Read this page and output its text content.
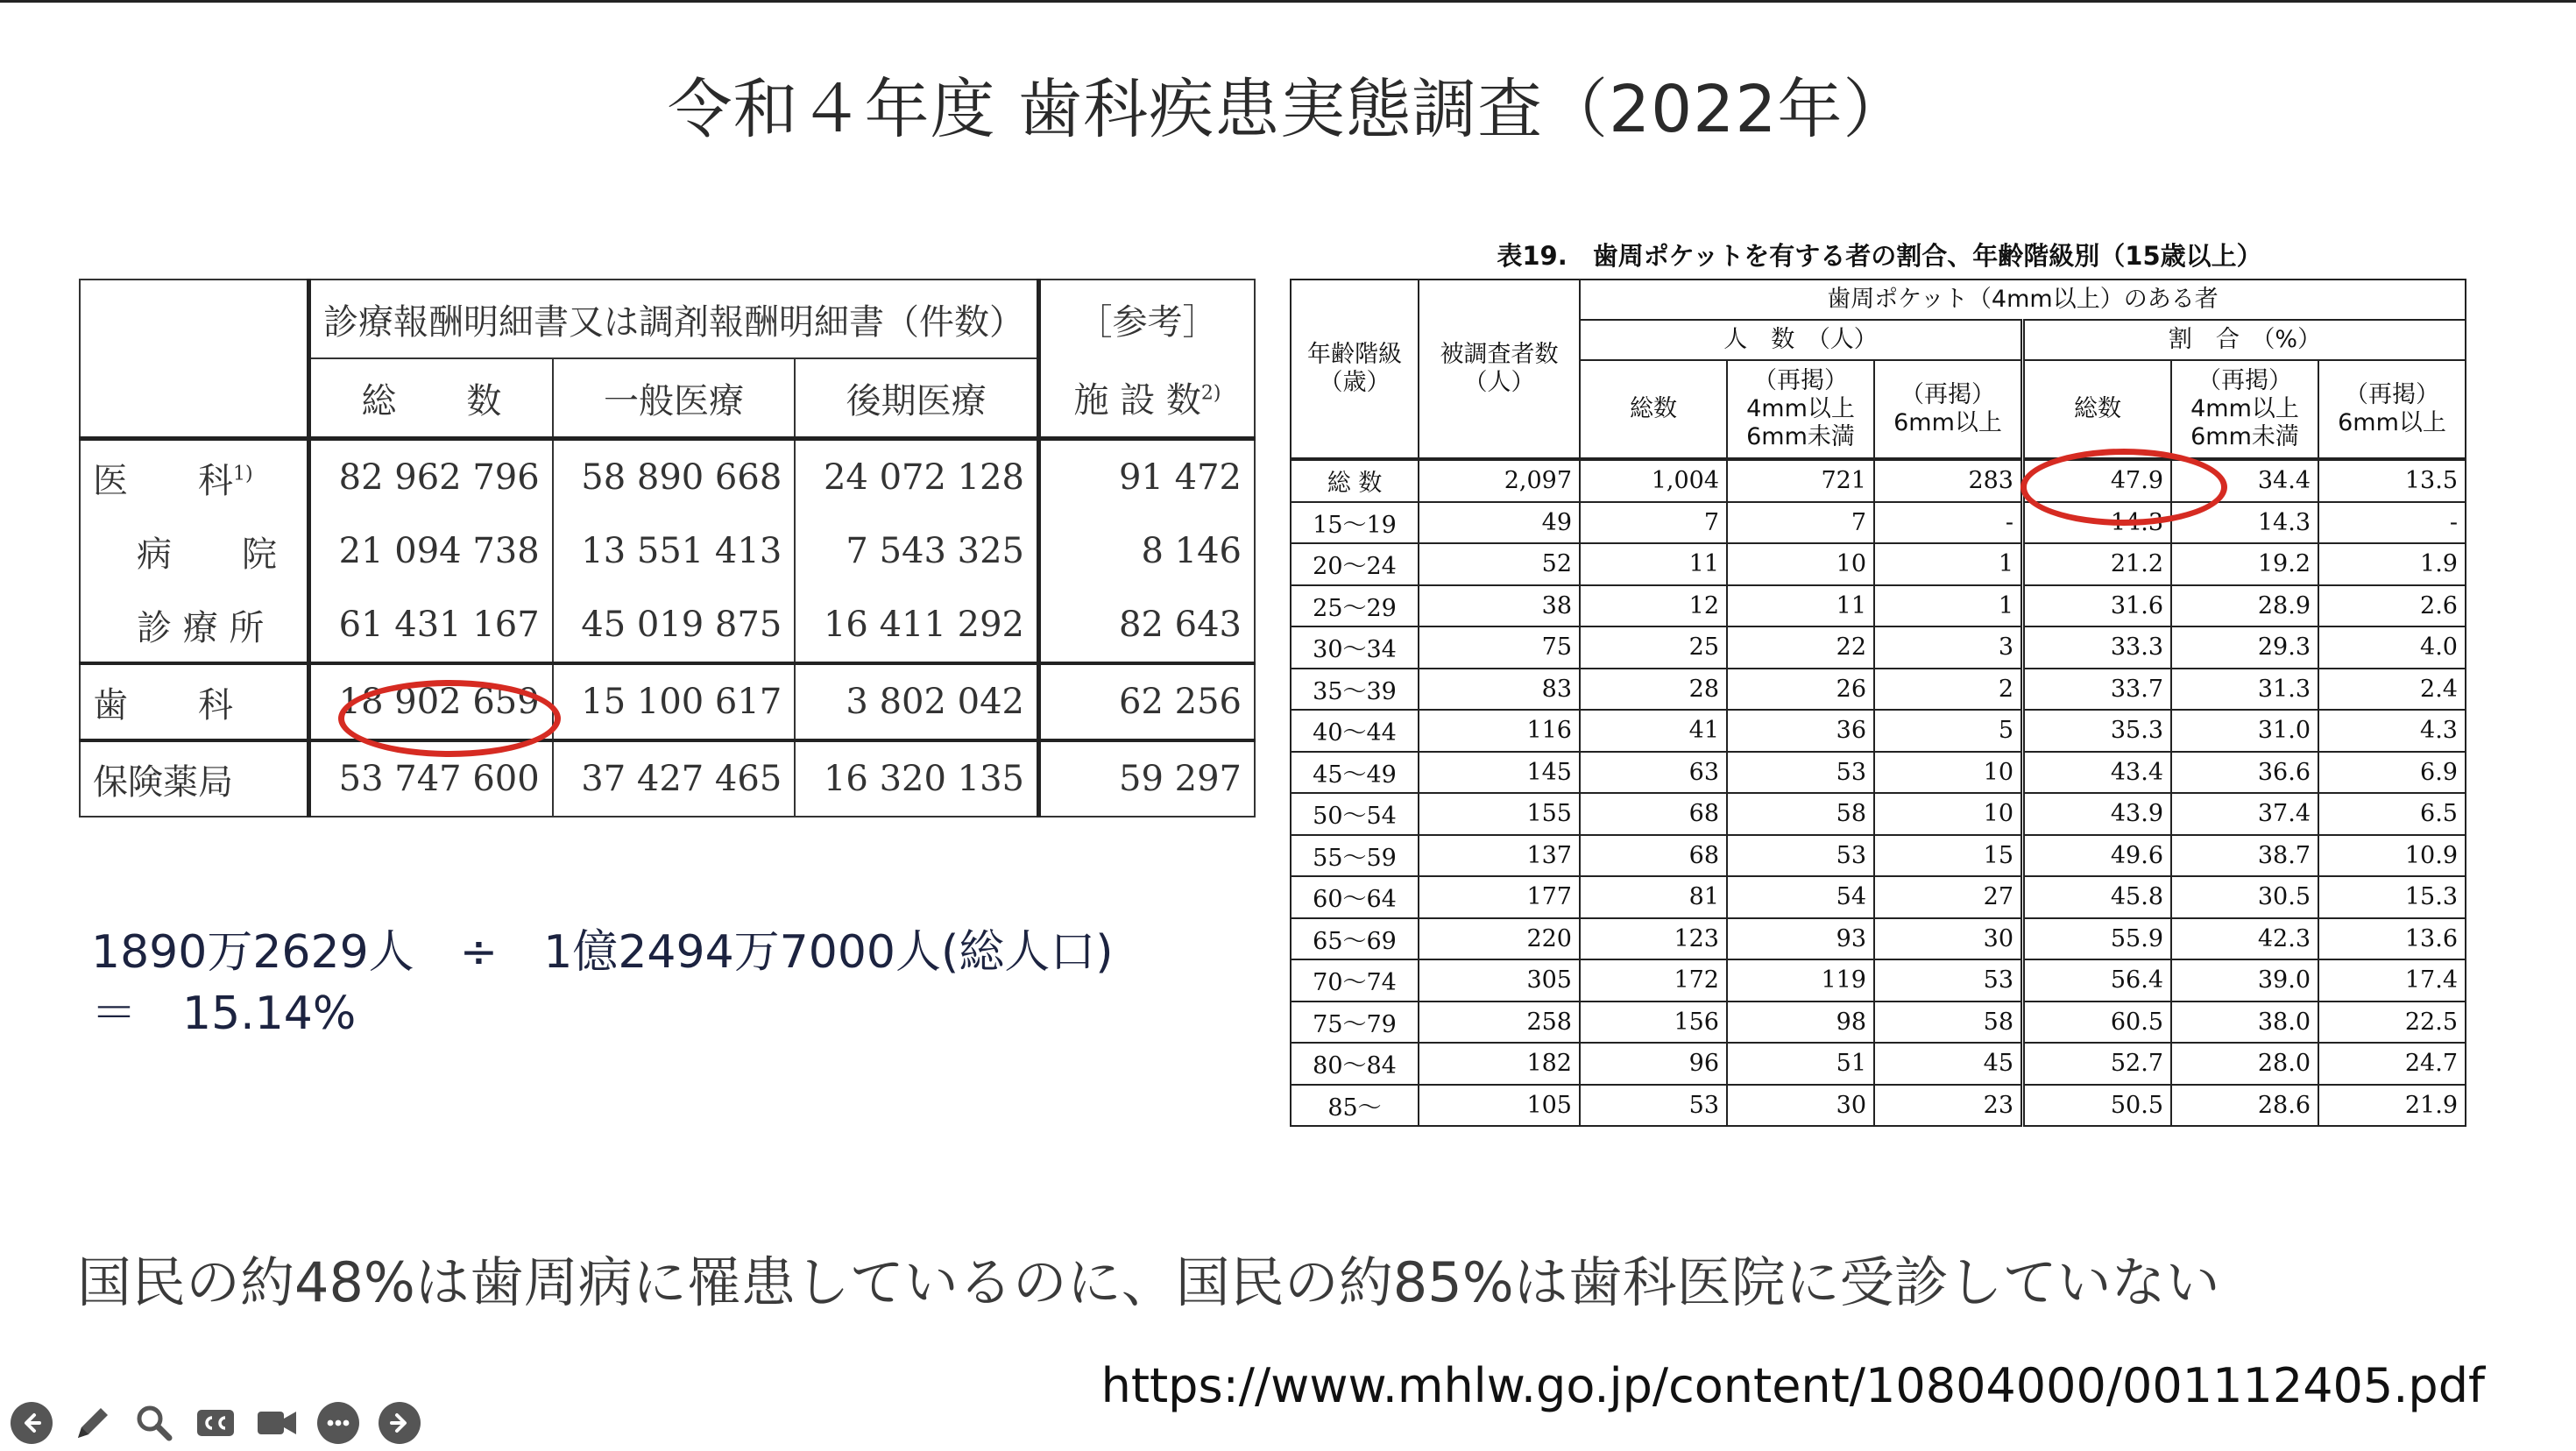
令和４年度 歯科疾患実態調査（2022年）
	診療報酬明細書又は調剤報酬明細書（件数）			［参考］
	総　　数	一般医療	後期医療	施 設 数$^{2)}$
医　　科$^{1)}$	82 962 796	58 890 668	24 072 128	91 472
病　　院	21 094 738	13 551 413	7 543 325	8 146
診 療 所	61 431 167	45 019 875	16 411 292	82 643
歯　　科	18 902 659	15 100 617	3 802 042	62 256
保険薬局	53 747 600	37 427 465	16 320 135	59 297
表19.　歯周ポケットを有する者の割合、年齢階級別（15歳以上）
年齢階級（歳）	被調査者数（人）	歯周ポケット（4mm以上）のある者					
		人　数　（人）			割　合　（%）		
		総数	（再掲）4mm以上6mm未満	（再掲）6mm以上	総数	（再掲）4mm以上6mm未満	（再掲）6mm以上
総 数	2,097	1,004	721	283	47.9	34.4	13.5
15～19	49	7	7	-	14.3	14.3	-
20～24	52	11	10	1	21.2	19.2	1.9
25～29	38	12	11	1	31.6	28.9	2.6
30～34	75	25	22	3	33.3	29.3	4.0
35～39	83	28	26	2	33.7	31.3	2.4
40～44	116	41	36	5	35.3	31.0	4.3
45～49	145	63	53	10	43.4	36.6	6.9
50～54	155	68	58	10	43.9	37.4	6.5
55～59	137	68	53	15	49.6	38.7	10.9
60～64	177	81	54	27	45.8	30.5	15.3
65～69	220	123	93	30	55.9	42.3	13.6
70～74	305	172	119	53	56.4	39.0	17.4
75～79	258	156	98	58	60.5	38.0	22.5
80～84	182	96	51	45	52.7	28.0	24.7
85～	105	53	30	23	50.5	28.6	21.9
1890万2629人　÷　1億2494万7000人(総人口)
＝　15.14%
国民の約48%は歯周病に罹患しているのに、国民の約85%は歯科医院に受診していない
https://www.mhlw.go.jp/content/10804000/001112405.pdf
